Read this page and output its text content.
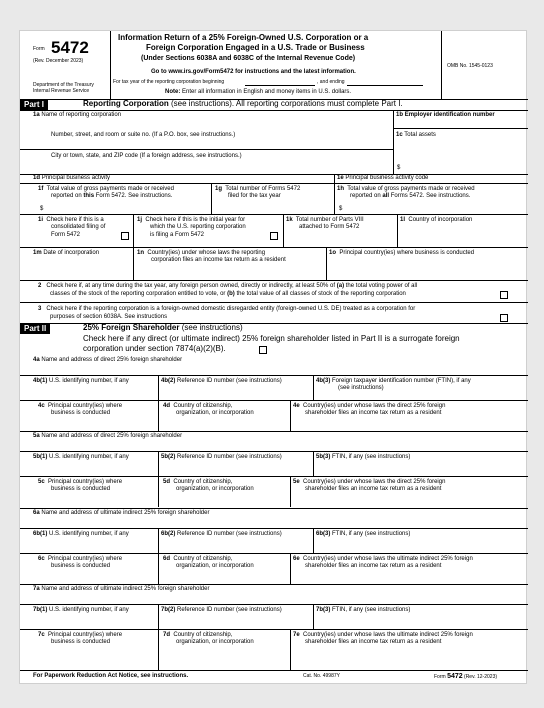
Form 5472
(Rev. December 2023)
Department of the Treasury
Internal Revenue Service
Information Return of a 25% Foreign-Owned U.S. Corporation or a
Foreign Corporation Engaged in a U.S. Trade or Business
(Under Sections 6038A and 6038C of the Internal Revenue Code)
Go to www.irs.gov/Form5472 for instructions and the latest information.
For tax year of the reporting corporation beginning	, and ending
Note: Enter all information in English and money items in U.S. dollars.
OMB No. 1545-0123
Part I	Reporting Corporation (see instructions). All reporting corporations must complete Part I.
1a Name of reporting corporation	1b Employer identification number
Number, street, and room or suite no. (If a P.O. box, see instructions.)	1c Total assets
City or town, state, and ZIP code (If a foreign address, see instructions.)
$
1d Principal business activity	1e Principal business activity code
1f Total value of gross payments made or received
reported on this Form 5472. See instructions.
$
1g Total number of Forms 5472
filed for the tax year
1h Total value of gross payments made or received
reported on all Forms 5472. See instructions.
$
1i Check here if this is a
consolidated filing of
Form 5472
1j Check here if this is the initial year for
which the U.S. reporting corporation
is filing a Form 5472
1k Total number of Parts VIII
attached to Form 5472
1l Country of incorporation
1m Date of incorporation	1n Country(ies) under whose laws the reporting
corporation files an income tax return as a resident
1o Principal country(ies) where business is conducted
2 Check here if, at any time during the tax year, any foreign person owned, directly or indirectly, at least 50% of (a) the total voting power of all
classes of the stock of the reporting corporation entitled to vote, or (b) the total value of all classes of stock of the reporting corporation
3 Check here if the reporting corporation is a foreign-owned domestic disregarded entity (foreign-owned U.S. DE) treated as a corporation for
purposes of section 6038A. See instructions
Part II	25% Foreign Shareholder (see instructions)
Check here if any direct (or ultimate indirect) 25% foreign shareholder listed in Part II is a surrogate foreign
corporation under section 7874(a)(2)(B).
4a Name and address of direct 25% foreign shareholder
4b(1) U.S. identifying number, if any	4b(2) Reference ID number (see instructions)	4b(3) Foreign taxpayer identification number (FTIN), if any
(see instructions)
4c Principal country(ies) where
business is conducted
4d Country of citizenship,
organization, or incorporation
4e Country(ies) under whose laws the direct 25% foreign
shareholder files an income tax return as a resident
5a Name and address of direct 25% foreign shareholder
5b(1) U.S. identifying number, if any	5b(2) Reference ID number (see instructions)	5b(3) FTIN, if any (see instructions)
5c Principal country(ies) where
business is conducted
5d Country of citizenship,
organization, or incorporation
5e Country(ies) under whose laws the direct 25% foreign
shareholder files an income tax return as a resident
6a Name and address of ultimate indirect 25% foreign shareholder
6b(1) U.S. identifying number, if any	6b(2) Reference ID number (see instructions)	6b(3) FTIN, if any (see instructions)
6c Principal country(ies) where
business is conducted
6d Country of citizenship,
organization, or incorporation
6e Country(ies) under whose laws the ultimate indirect 25% foreign
shareholder files an income tax return as a resident
7a Name and address of ultimate indirect 25% foreign shareholder
7b(1) U.S. identifying number, if any	7b(2) Reference ID number (see instructions)	7b(3) FTIN, if any (see instructions)
7c Principal country(ies) where
business is conducted
7d Country of citizenship,
organization, or incorporation
7e Country(ies) under whose laws the ultimate indirect 25% foreign
shareholder files an income tax return as a resident
For Paperwork Reduction Act Notice, see instructions.	Cat. No. 49987Y	Form 5472 (Rev. 12-2023)
